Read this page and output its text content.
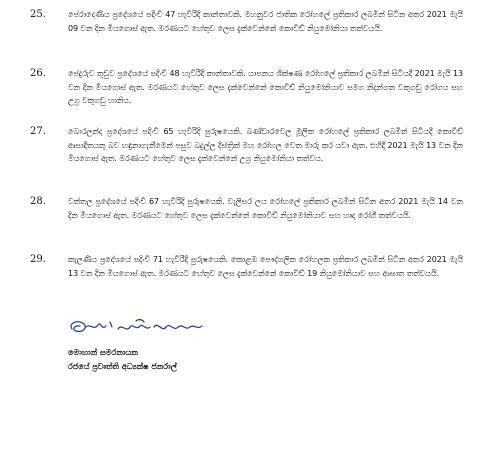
25.	පේරාදෙණිය ප්‍රදේශයේ පදිංචි 47 හැවිරිදි කාන්තාවකි. මහනුවර ජාතික රෝහලේ ප්‍රතිකාර ලබමින් සිටින අතර 2021 මැයි 09 වන දින මියගොස් ඇත. මරණයට හේතුව ලෙස දැක්වෙන්නේ කොවිඩ් නියුමෝනියා තත්වයයි.
26.	පේදුරුව තුඩුව ප්‍රදේශයේ පදිංචි 48 හැවිරිදි කාන්තාවකි. යාපනය ශික්ෂණ රෝහලේ ප්‍රතිකාර ලබමින් සිටියදී 2021 මැයි 13 වන දින මියගොස් ඇත. මරණයට හේතුව ලෙස දැක්වෙන්නේ කොවිඩ් නියුමෝනියාව සමග නිදන්ගත වකුගඩු රෝගය සහ උග්‍ර වකුගඩු හානිය.
27.	බොරලන්ද ප්‍රදේශයේ පදිංචි 65 හැවිරිදි පුරුෂයෙකි. බණ්ඩාරවෙල මූලික රෝහලේ ප්‍රතිකාර ලබමින් සිටියදී කොවිඩ් ආසාදිතයකු බව හඳුනාගැනීමෙන් පසුව බදුල්ල දිස්ත්‍රික් මහ රෝහල වෙත මාරු කර යවා ඇත. එහිදී 2021 මැයි 13 වන දින මියගොස් ඇත. මරණයට හේතුව ලෙස දැක්වෙන්නේ උග්‍ර නියුමෝනියා තත්වය.
28.	වත්තල ප්‍රදේශයේ පදිංචි 67 හැවිරිදි පුරුෂයෙකි. වැලිසර ලය රෝහලේ ප්‍රතිකාර ලබමින් සිටින අතර 2021 මැයි 14 වන දින මියගොස් ඇත. මරණයට හේතුව ලෙස දැක්වෙන්නේ කොවිඩ් නියුමෝනියාව සහ හෘද රෝගී තත්වයයි.
29.	කැලණිය ප්‍රදේශයේ පදිංචි 71 හැවිරිදි පුරුෂයෙකි. කොළඹ පෞද්ගලික රෝහලක ප්‍රතිකාර ලබමින් සිටින අතර 2021 මැයි 13 වන දින මියගොස් ඇත. මරණයට හේතුව ලෙස දැක්වෙන්නේ කොවිඩ් 19 නියුමෝනියාව සහ ආඝාත තත්වයයි.
මොහාන් සමරනායක
රජයේ ප්‍රවෘත්ති අධ්‍යක්ෂ ජනරාල්
